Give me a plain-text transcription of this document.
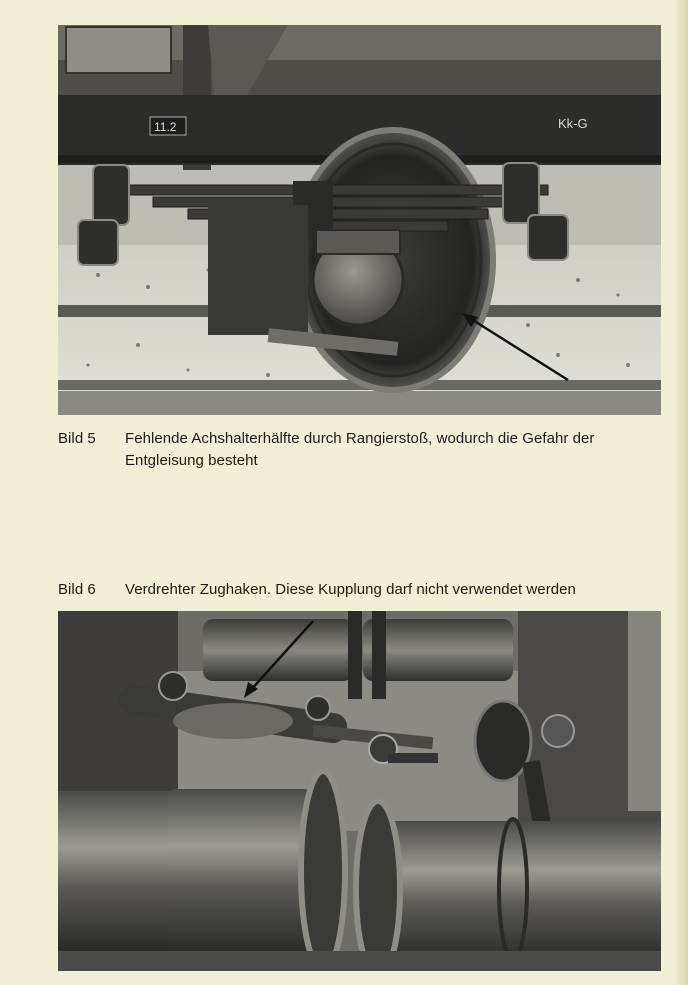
11.2	Kk-G
Bild 5 Fehlende Achshalterhälfte durch Rangierstoß, wodurch die Gefahr der Entgleisung besteht
Bild 6 Verdrehter Zughaken. Diese Kupplung darf nicht verwendet werden
